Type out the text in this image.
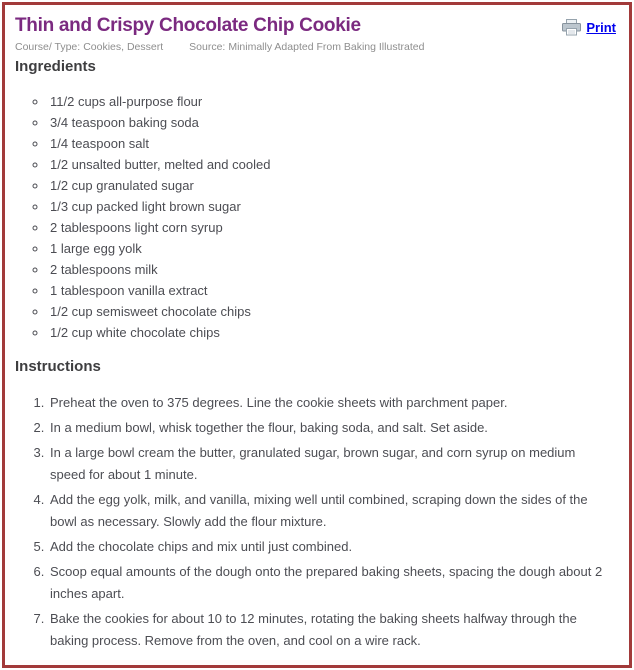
Print
Thin and Crispy Chocolate Chip Cookie
Course/ Type: Cookies, Dessert Source: Minimally Adapted From Baking Illustrated
Ingredients
◦ 11/2 cups all-purpose flour
◦ 3/4 teaspoon baking soda
◦ 1/4 teaspoon salt
◦ 1/2 unsalted butter, melted and cooled
◦ 1/2 cup granulated sugar
◦ 1/3 cup packed light brown sugar
◦ 2 tablespoons light corn syrup
◦ 1 large egg yolk
◦ 2 tablespoons milk
◦ 1 tablespoon vanilla extract
◦ 1/2 cup semisweet chocolate chips
◦ 1/2 cup white chocolate chips
Instructions
1. Preheat the oven to 375 degrees. Line the cookie sheets with parchment paper.
2. In a medium bowl, whisk together the flour, baking soda, and salt. Set aside.
3. In a large bowl cream the butter, granulated sugar, brown sugar, and corn syrup on medium speed for about 1 minute.
4. Add the egg yolk, milk, and vanilla, mixing well until combined, scraping down the sides of the bowl as necessary. Slowly add the flour mixture.
5. Add the chocolate chips and mix until just combined.
6. Scoop equal amounts of the dough onto the prepared baking sheets, spacing the dough about 2 inches apart.
7. Bake the cookies for about 10 to 12 minutes, rotating the baking sheets halfway through the baking process. Remove from the oven, and cool on a wire rack.
